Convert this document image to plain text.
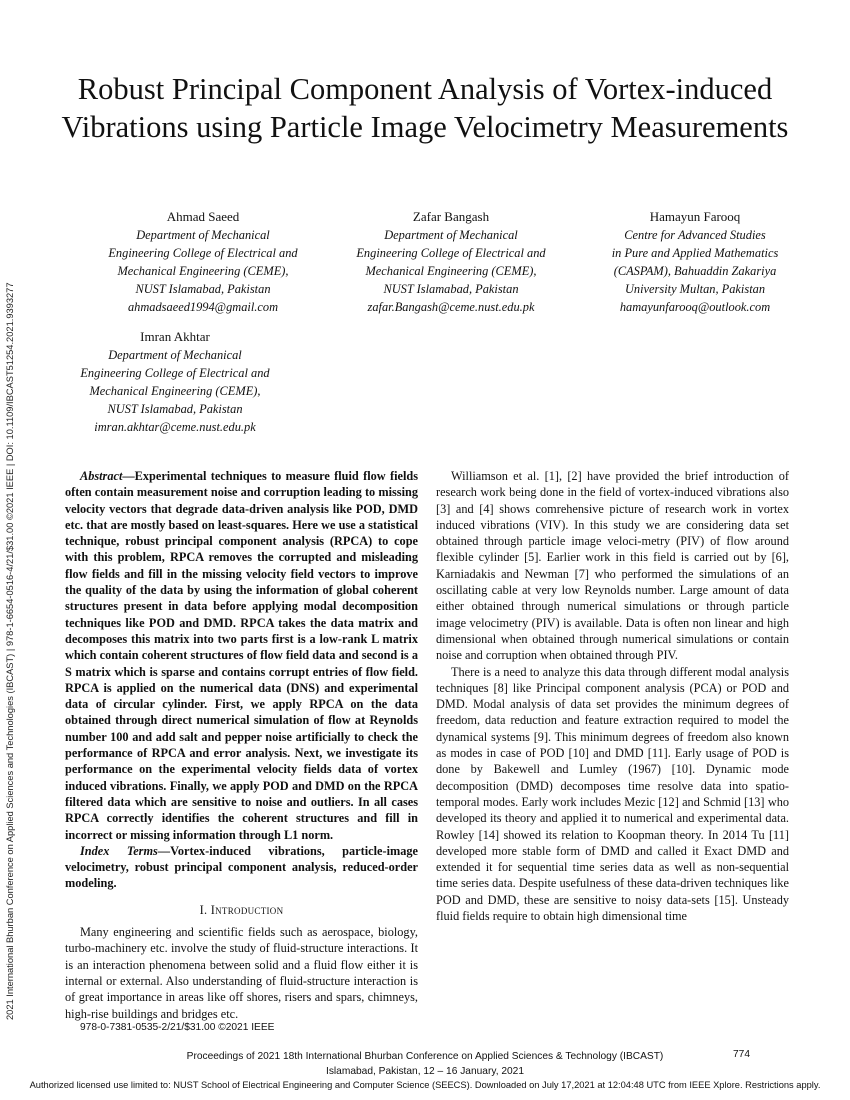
Robust Principal Component Analysis of Vortex-induced Vibrations using Particle Image Velocimetry Measurements
2021 International Bhurban Conference on Applied Sciences and Technologies (IBCAST) | 978-1-6654-0516-4/21/$31.00 ©2021 IEEE | DOI: 10.1109/IBCAST51254.2021.9393277
Ahmad Saeed
Department of Mechanical
Engineering College of Electrical and
Mechanical Engineering (CEME),
NUST Islamabad, Pakistan
ahmadsaeed1994@gmail.com
Zafar Bangash
Department of Mechanical
Engineering College of Electrical and
Mechanical Engineering (CEME),
NUST Islamabad, Pakistan
zafar.Bangash@ceme.nust.edu.pk
Hamayun Farooq
Centre for Advanced Studies
in Pure and Applied Mathematics
(CASPAM), Bahuaddin Zakariya
University Multan, Pakistan
hamayunfarooq@outlook.com
Imran Akhtar
Department of Mechanical
Engineering College of Electrical and
Mechanical Engineering (CEME),
NUST Islamabad, Pakistan
imran.akhtar@ceme.nust.edu.pk

Abstract—Experimental techniques to measure fluid flow fields often contain measurement noise and corruption leading to missing velocity vectors that degrade data-driven analysis like POD, DMD etc. that are mostly based on least-squares. Here we use a statistical technique, robust principal component analysis (RPCA) to cope with this problem, RPCA removes the corrupted and misleading flow fields and fill in the missing velocity field vectors to improve the quality of the data by using the information of global coherent structures present in data before applying modal decomposition techniques like POD and DMD. RPCA takes the data matrix and decomposes this matrix into two parts first is a low-rank L matrix which contain coherent structures of flow field data and second is a S matrix which is sparse and contains corrupt entries of flow field. RPCA is applied on the numerical data (DNS) and experimental data of circular cylinder. First, we apply RPCA on the data obtained through direct numerical simulation of flow at Reynolds number 100 and add salt and pepper noise artificially to check the performance of RPCA and error analysis. Next, we investigate its performance on the experimental velocity fields data of vortex induced vibrations. Finally, we apply POD and DMD on the RPCA filtered data which are sensitive to noise and outliers. In all cases RPCA correctly identifies the coherent structures and fill in incorrect or missing information through L1 norm.

Index Terms—Vortex-induced vibrations, particle-image velocimetry, robust principal component analysis, reduced-order modeling.

I. Introduction

Many engineering and scientific fields such as aerospace, biology, turbo-machinery etc. involve the study of fluid-structure interactions. It is an interaction phenomena between solid and a fluid flow either it is internal or external. Also understanding of fluid-structure interaction is of great importance in areas like off shores, risers and spars, chimneys, high-rise buildings and bridges etc.

Williamson et al. [1], [2] have provided the brief introduction of research work being done in the field of vortex-induced vibrations also [3] and [4] shows comrehensive picture of research work in vortex induced vibrations (VIV). In this study we are considering data set obtained through particle image veloci-metry (PIV) of flow around flexible cylinder [5]. Earlier work in this field is carried out by [6], Karniadakis and Newman [7] who performed the simulations of an oscillating cable at very low Reynolds number. Large amount of data either obtained through numerical simulations or through particle image velocimetry (PIV) is available. Data is often non linear and high dimensional when obtained through numerical simulations or contain noise and corruption when obtained through PIV.

There is a need to analyze this data through different modal analysis techniques [8] like Principal component analysis (PCA) or POD and DMD. Modal analysis of data set provides the minimum degrees of freedom, data reduction and feature extraction required to model the dynamical systems [9]. This minimum degrees of freedom also known as modes in case of POD [10] and DMD [11]. Early usage of POD is done by Bakewell and Lumley (1967) [10]. Dynamic mode decomposition (DMD) decomposes time resolve data into spatio-temporal modes. Early work includes Mezic [12] and Schmid [13] who developed its theory and applied it to numerical and experimental data. Rowley [14] showed its relation to Koopman theory. In 2014 Tu [11] developed more stable form of DMD and called it Exact DMD and extended it for sequential time series data as well as non-sequential time series data. Despite usefulness of these data-driven techniques like POD and DMD, these are sensitive to noisy data-sets [15]. Unsteady fluid fields require to obtain high dimensional time

978-0-7381-0535-2/21/$31.00 ©2021 IEEE
Proceedings of 2021 18th International Bhurban Conference on Applied Sciences & Technology (IBCAST)	774
Islamabad, Pakistan, 12 – 16 January, 2021
Authorized licensed use limited to: NUST School of Electrical Engineering and Computer Science (SEECS). Downloaded on July 17,2021 at 12:04:48 UTC from IEEE Xplore. Restrictions apply.
